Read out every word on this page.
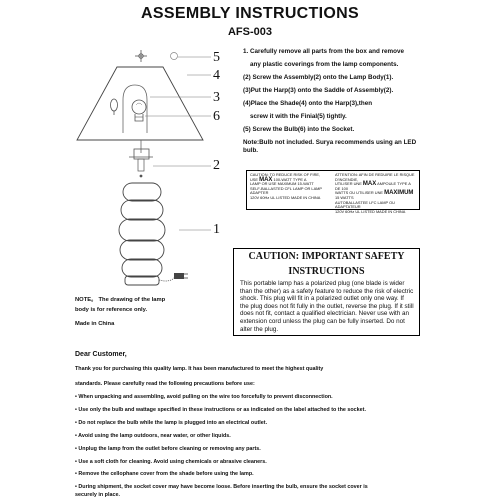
ASSEMBLY INSTRUCTIONS
AFS-003
5
4
3
6
2
1
1. Carefully remove all parts from the box and remove
any plastic coverings from the lamp components.
(2) Screw the Assembly(2) onto the Lamp Body(1).
(3)Put the Harp(3) onto the Saddle of Assembly(2).
(4)Place the Shade(4) onto the Harp(3),then
screw it with the Finial(5) tightly.
(5) Screw the Bulb(6) into the Socket.
Note:Bulb not included. Surya recommends using an LED
bulb.
CAUTION: TO REDUCE RISK OF FIRE,
USE MAX 100-WATT TYPE A
LAMP OR USE MAXIMUM 15-WATT
SELF-BALLASTED CFL LAMP OR LAMP ADAPTER
120V 60Hz UL LISTED MADE IN CHINA
ATTENTION: AFIN DE REDUIRE LE RISQUE D'INCENDIE,
UTILISER UNE MAX AMPOULE TYPE A DE 100
WATTS OU UTILISER UNE MAXIMUM 15 WATTS
AUTOBALLASTEE LFC LAMP OU ADAPTATEUR
120V 60Hz UL LISTED MADE IN CHINA
CAUTION: IMPORTANT SAFETY
INSTRUCTIONS
This portable lamp has a polarized plug (one blade is wider than the other) as a safety feature to reduce the risk of electric shock. This plug will fit in a polarized outlet only one way. If the plug does not fit fully in the outlet, reverse the plug. If it still does not fit, contact a qualified electrician. Never use with an extension cord unless the plug can be fully inserted. Do not alter the plug.
NOTE。 The drawing of the lamp
body is for reference only.
Made in China
Dear Customer,
Thank you for purchasing this quality lamp. It has been manufactured to meet the highest quality
standards. Please carefully read the following precautions before use:
• When unpacking and assembling, avoid pulling on the wire too forcefully to prevent disconnection.
• Use only the bulb and wattage specified in these instructions or as indicated on the label attached to the socket.
• Do not replace the bulb while the lamp is plugged into an electrical outlet.
• Avoid using the lamp outdoors, near water, or other liquids.
• Unplug the lamp from the outlet before cleaning or removing any parts.
• Use a soft cloth for cleaning. Avoid using chemicals or abrasive cleaners.
• Remove the cellophane cover from the shade before using the lamp.
• During shipment, the socket cover may have become loose. Before inserting the bulb, ensure the socket cover is
securely in place.
